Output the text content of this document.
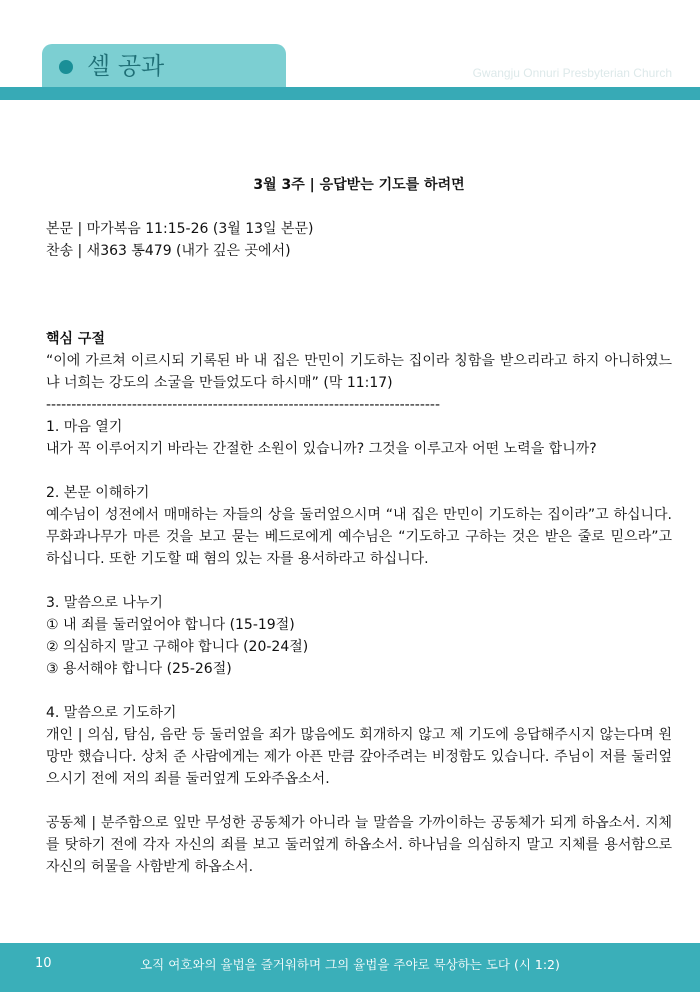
셀 공과	Gwangju Onnuri Presbyterian Church

3월 3주 | 응답받는 기도를 하려면

본문 | 마가복음 11:15-26 (3월 13일 본문)

찬송 | 새363 통479 (내가 깊은 곳에서)

핵심 구절

“이에 가르쳐 이르시되 기록된 바 내 집은 만민이 기도하는 집이라 칭함을 받으리라고 하지 아니하였느냐 너희는 강도의 소굴을 만들었도다 하시매” (막 11:17)

------------------------------------------------------------------------------

1. 마음 열기

내가 꼭 이루어지기 바라는 간절한 소원이 있습니까? 그것을 이루고자 어떤 노력을 합니까?

2. 본문 이해하기

예수님이 성전에서 매매하는 자들의 상을 둘러엎으시며 “내 집은 만민이 기도하는 집이라”고 하십니다. 무화과나무가 마른 것을 보고 묻는 베드로에게 예수님은 “기도하고 구하는 것은 받은 줄로 믿으라”고 하십니다. 또한 기도할 때 혐의 있는 자를 용서하라고 하십니다.

3. 말씀으로 나누기

① 내 죄를 둘러엎어야 합니다 (15-19절)

② 의심하지 말고 구해야 합니다 (20-24절)

③ 용서해야 합니다 (25-26절)

4. 말씀으로 기도하기

개인 | 의심, 탐심, 음란 등 둘러엎을 죄가 많음에도 회개하지 않고 제 기도에 응답해주시지 않는다며 원망만 했습니다. 상처 준 사람에게는 제가 아픈 만큼 갚아주려는 비정함도 있습니다. 주님이 저를 둘러엎으시기 전에 저의 죄를 둘러엎게 도와주옵소서.

공동체 | 분주함으로 잎만 무성한 공동체가 아니라 늘 말씀을 가까이하는 공동체가 되게 하옵소서. 지체를 탓하기 전에 각자 자신의 죄를 보고 둘러엎게 하옵소서. 하나님을 의심하지 말고 지체를 용서함으로 자신의 허물을 사함받게 하옵소서.

10	오직 여호와의 율법을 즐거워하며 그의 율법을 주야로 묵상하는 도다 (시 1:2)
